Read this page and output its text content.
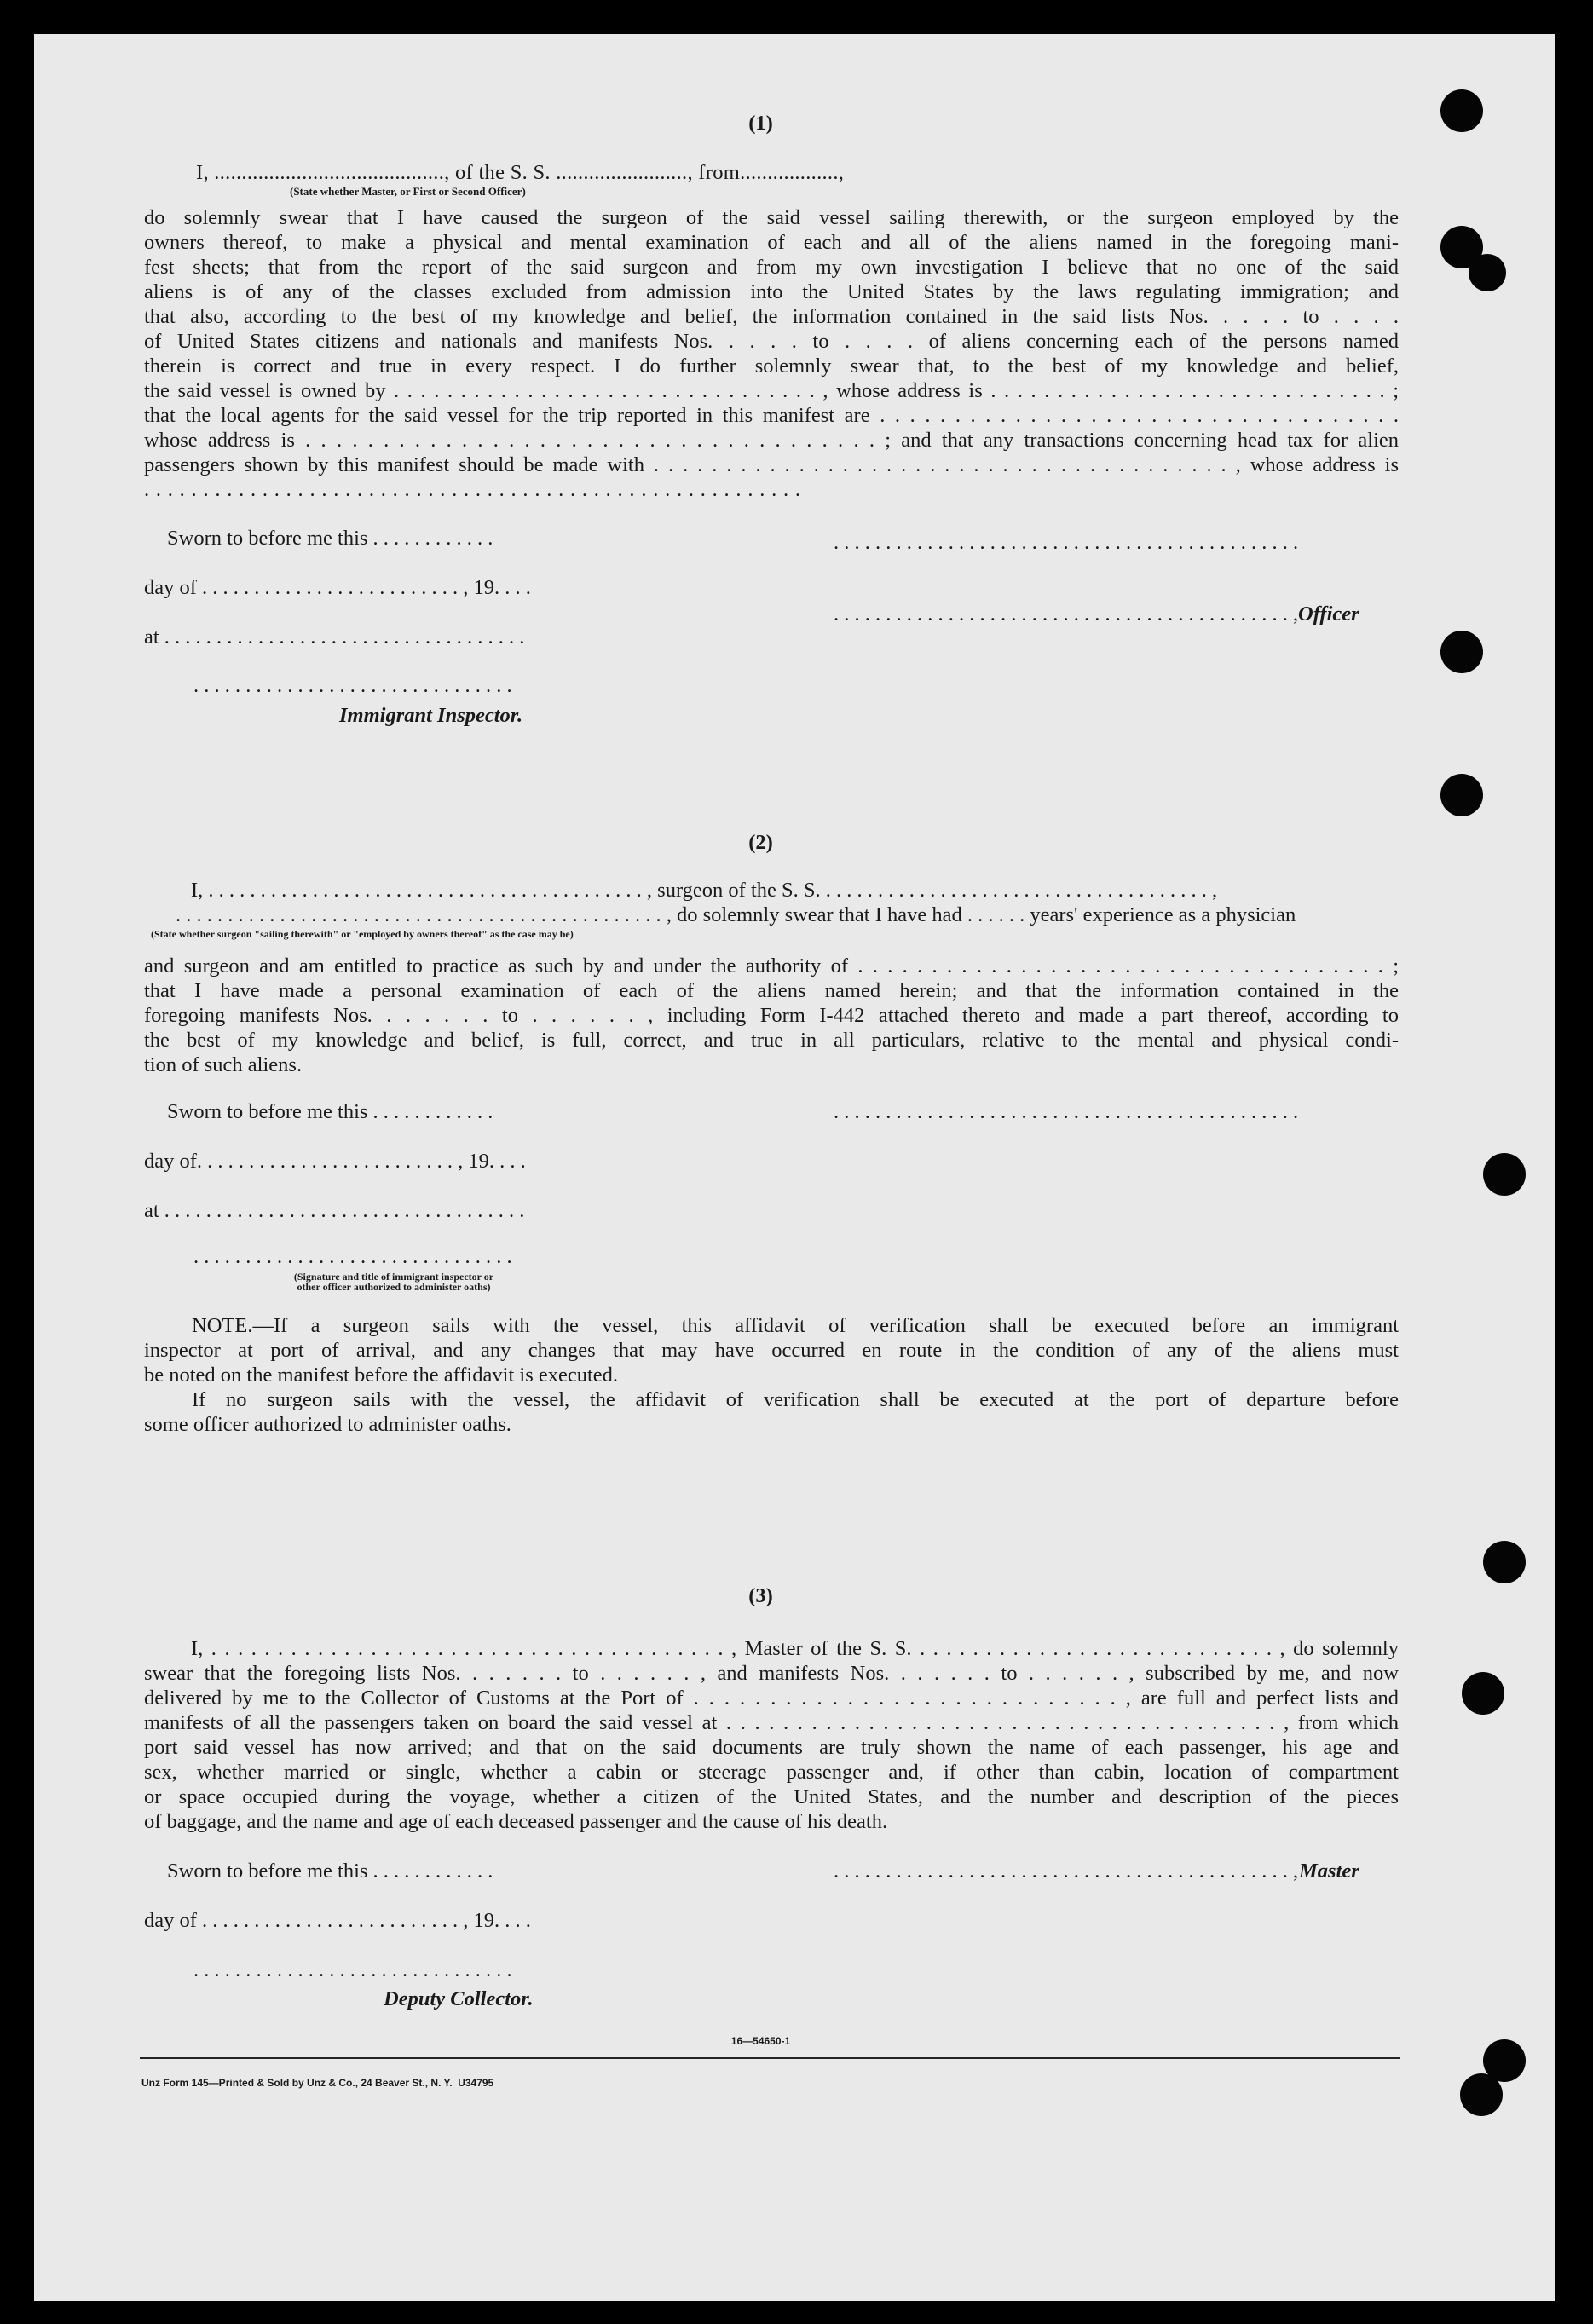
(1)
I, .........................................., of the S. S. ........................, from..................,
(State whether Master, or First or Second Officer)
do solemnly swear that I have caused the surgeon of the said vessel sailing therewith, or the surgeon employed by the
owners thereof, to make a physical and mental examination of each and all of the aliens named in the foregoing mani-
fest sheets; that from the report of the said surgeon and from my own investigation I believe that no one of the said
aliens is of any of the classes excluded from admission into the United States by the laws regulating immigration; and
that also, according to the best of my knowledge and belief, the information contained in the said lists Nos. . . . . to . . . .
of United States citizens and nationals and manifests Nos. . . . . to . . . . of aliens concerning each of the persons named
therein is correct and true in every respect. I do further solemnly swear that, to the best of my knowledge and belief,
the said vessel is owned by . . . . . . . . . . . . . . . . . . . . . . . . . . . . . . . . , whose address is . . . . . . . . . . . . . . . . . . . . . . . . . . . . . . ;
that the local agents for the said vessel for the trip reported in this manifest are . . . . . . . . . . . . . . . . . . . . . . . . . . . . . . . . . . .
whose address is . . . . . . . . . . . . . . . . . . . . . . . . . . . . . . . . . . . . . ; and that any transactions concerning head tax for alien
passengers shown by this manifest should be made with . . . . . . . . . . . . . . . . . . . . . . . . . . . . . . . . . . . . . . . . , whose address is
. . . . . . . . . . . . . . . . . . . . . . . . . . . . . . . . . . . . . . . . . . . . . . . . . . . . . . . .
Sworn to before me this . . . . . . . . . . . .
day of . . . . . . . . . . . . . . . . . . . . . . . . . , 19. . . .
at . . . . . . . . . . . . . . . . . . . . . . . . . . . . . . . . . . .
. . . . . . . . . . . . . . . . . . . . . . . . . . . . . . .
Immigrant Inspector.
. . . . . . . . . . . . . . . . . . . . . . . . . . . . . . . . . . . . . . . . . . . . .
. . . . . . . . . . . . . . . . . . . . . . . . . . . . . . . . . . . . . . . . . . . . , Officer
(2)
I, . . . . . . . . . . . . . . . . . . . . . . . . . . . . . . . . . . . . . . . . . . , surgeon of the S. S. . . . . . . . . . . . . . . . . . . . . . . . . . . . . . . . . . . . . . ,
. . . . . . . . . . . . . . . . . . . . . . . . . . . . . . . . . . . . . . . . . . . . . . . , do solemnly swear that I have had . . . . . . years' experience as a physician
(State whether surgeon "sailing therewith" or "employed by owners thereof" as the case may be)
and surgeon and am entitled to practice as such by and under the authority of . . . . . . . . . . . . . . . . . . . . . . . . . . . . . . . . . . . . ;
that I have made a personal examination of each of the aliens named herein; and that the information contained in the
foregoing manifests Nos. . . . . . . to . . . . . . , including Form I-442 attached thereto and made a part thereof, according to
the best of my knowledge and belief, is full, correct, and true in all particulars, relative to the mental and physical condi-
tion of such aliens.
Sworn to before me this . . . . . . . . . . . .	. . . . . . . . . . . . . . . . . . . . . . . . . . . . . . . . . . . . . . . . . . . . .
day of. . . . . . . . . . . . . . . . . . . . . . . . . , 19. . . .
at . . . . . . . . . . . . . . . . . . . . . . . . . . . . . . . . . . .
. . . . . . . . . . . . . . . . . . . . . . . . . . . . . . .
(Signature and title of immigrant inspector or
other officer authorized to administer oaths)
NOTE.—If a surgeon sails with the vessel, this affidavit of verification shall be executed before an immigrant
inspector at port of arrival, and any changes that may have occurred en route in the condition of any of the aliens must
be noted on the manifest before the affidavit is executed.
If no surgeon sails with the vessel, the affidavit of verification shall be executed at the port of departure before
some officer authorized to administer oaths.
(3)
I, . . . . . . . . . . . . . . . . . . . . . . . . . . . . . . . . . . . . . . . , Master of the S. S. . . . . . . . . . . . . . . . . . . . . . . . . . . . , do solemnly
swear that the foregoing lists Nos. . . . . . . to . . . . . . , and manifests Nos. . . . . . . to . . . . . . , subscribed by me, and now
delivered by me to the Collector of Customs at the Port of . . . . . . . . . . . . . . . . . . . . . . . . . . . . , are full and perfect lists and
manifests of all the passengers taken on board the said vessel at . . . . . . . . . . . . . . . . . . . . . . . . . . . . . . . . . . . . . . . , from which
port said vessel has now arrived; and that on the said documents are truly shown the name of each passenger, his age and
sex, whether married or single, whether a cabin or steerage passenger and, if other than cabin, location of compartment
or space occupied during the voyage, whether a citizen of the United States, and the number and description of the pieces
of baggage, and the name and age of each deceased passenger and the cause of his death.
Sworn to before me this . . . . . . . . . . . .	. . . . . . . . . . . . . . . . . . . . . . . . . . . . . . . . . . . . . . . . . . . . , Master
day of . . . . . . . . . . . . . . . . . . . . . . . . . , 19. . . .
. . . . . . . . . . . . . . . . . . . . . . . . . . . . . . .
Deputy Collector.
16—54650-1
Unz Form 145—Printed & Sold by Unz & Co., 24 Beaver St., N. Y.  U34795
